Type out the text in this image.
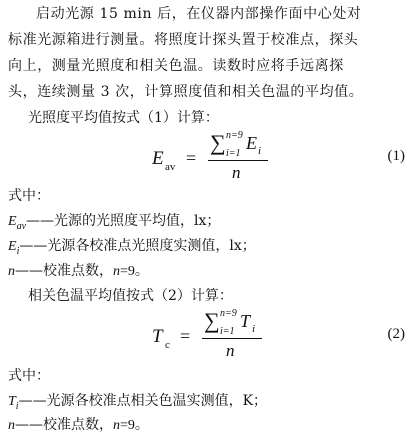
启动光源 15 min 后，在仪器内部操作面中心处对
标准光源箱进行测量。将照度计探头置于校准点，探头
向上，测量光照度和相关色温。读数时应将手远离探
头，连续测量 3 次，计算照度值和相关色温的平均值。
光照度平均值按式（1）计算：
E av =
∑ n=9
i=1
E i
n
(1)
式中：
$E_{av}——$光源的光照度平均值，lx；
$E_i——$光源各校准点光照度实测值，lx；
n——校准点数，n=9。
相关色温平均值按式（2）计算：
T c =
∑ n=9
i=1
T i
n
(2)
式中：
$T_i——$光源各校准点相关色温实测值，K；
n——校准点数，n=9。
